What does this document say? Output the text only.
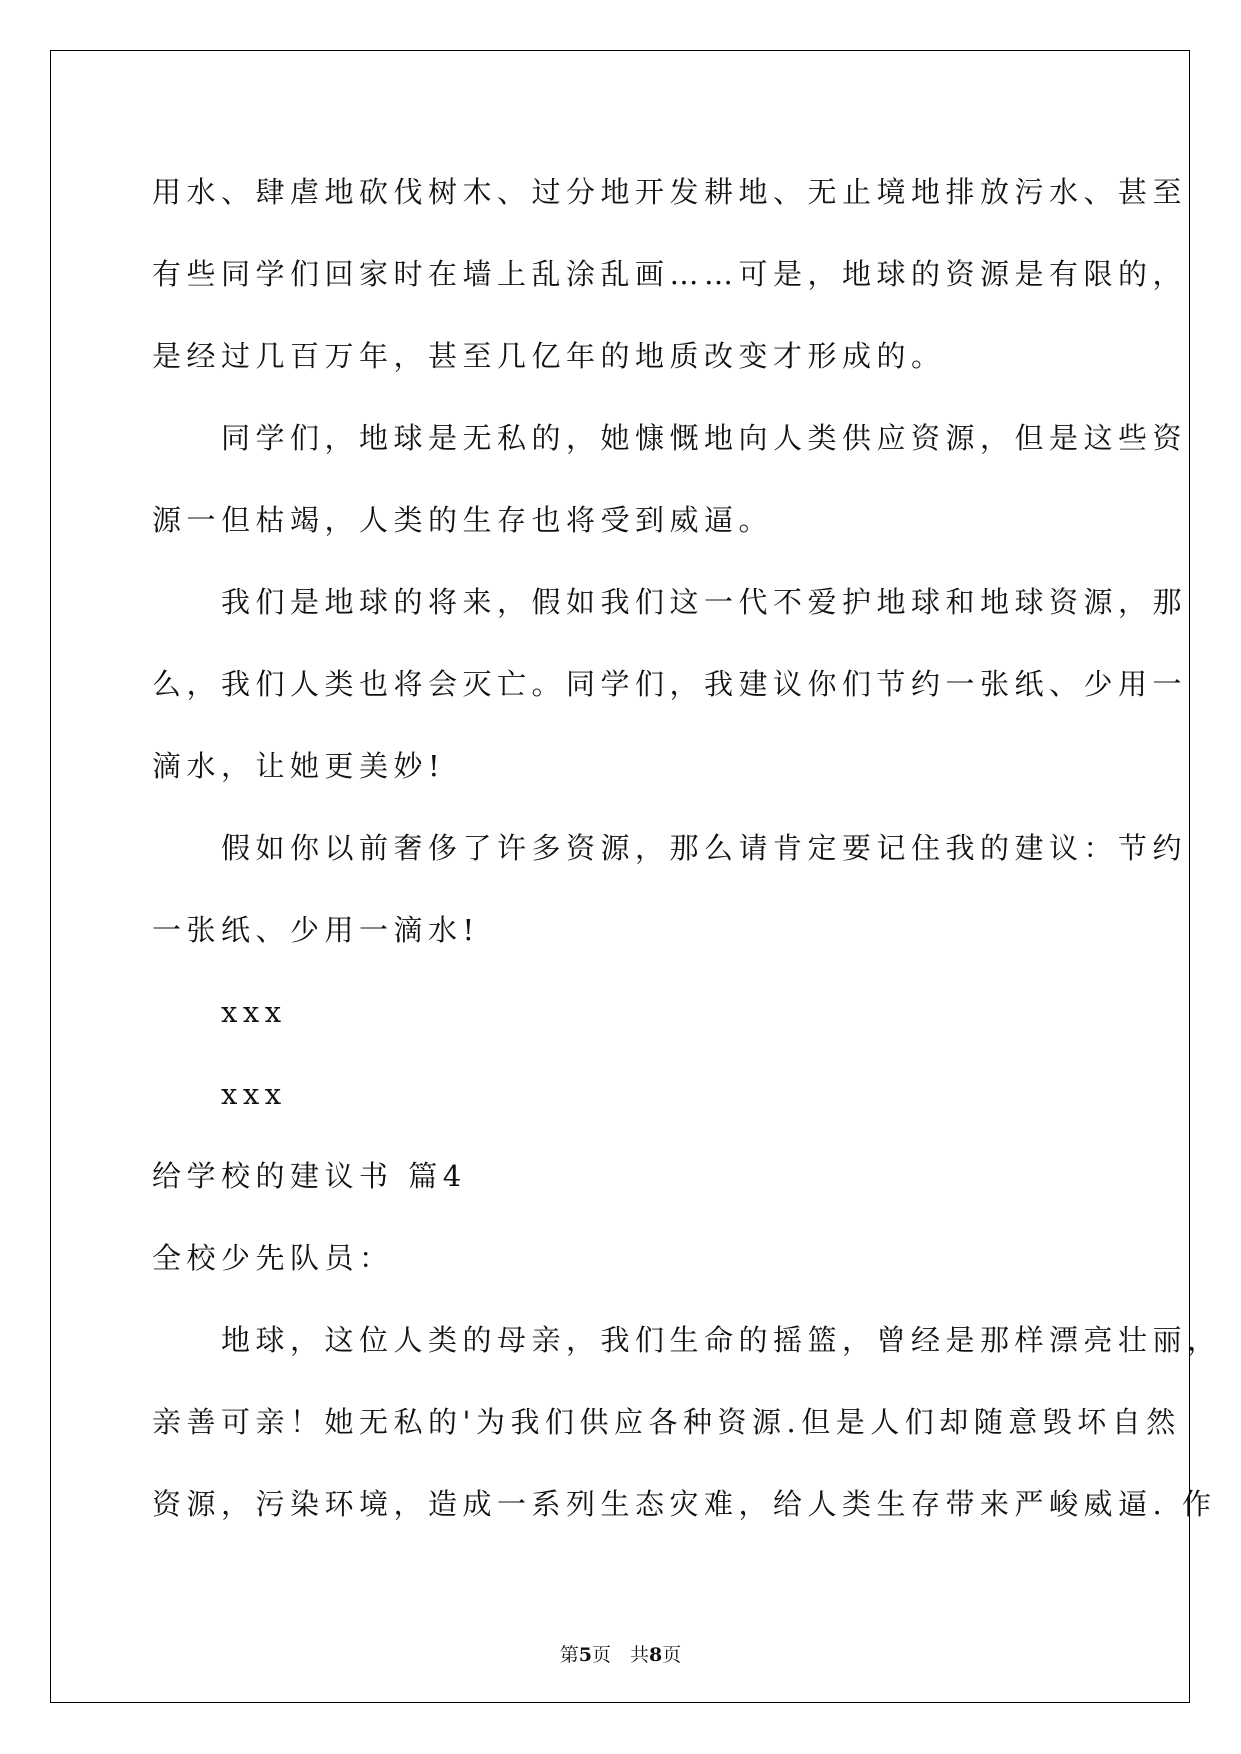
用水、肆虐地砍伐树木、过分地开发耕地、无止境地排放污水、甚至
有些同学们回家时在墙上乱涂乱画……可是，地球的资源是有限的，
是经过几百万年，甚至几亿年的地质改变才形成的。
　　同学们，地球是无私的，她慷慨地向人类供应资源，但是这些资
源一但枯竭，人类的生存也将受到威逼。
　　我们是地球的将来，假如我们这一代不爱护地球和地球资源，那
么，我们人类也将会灭亡。同学们，我建议你们节约一张纸、少用一
滴水，让她更美妙!
　　假如你以前奢侈了许多资源，那么请肯定要记住我的建议：节约
一张纸、少用一滴水!
　　xxx
　　xxx
给学校的建议书 篇4
全校少先队员：
　　地球，这位人类的母亲，我们生命的摇篮，曾经是那样漂亮壮丽，
亲善可亲！她无私的'为我们供应各种资源.但是人们却随意毁坏自然
资源，污染环境，造成一系列生态灾难，给人类生存带来严峻威逼. 作
第5页　共8页
